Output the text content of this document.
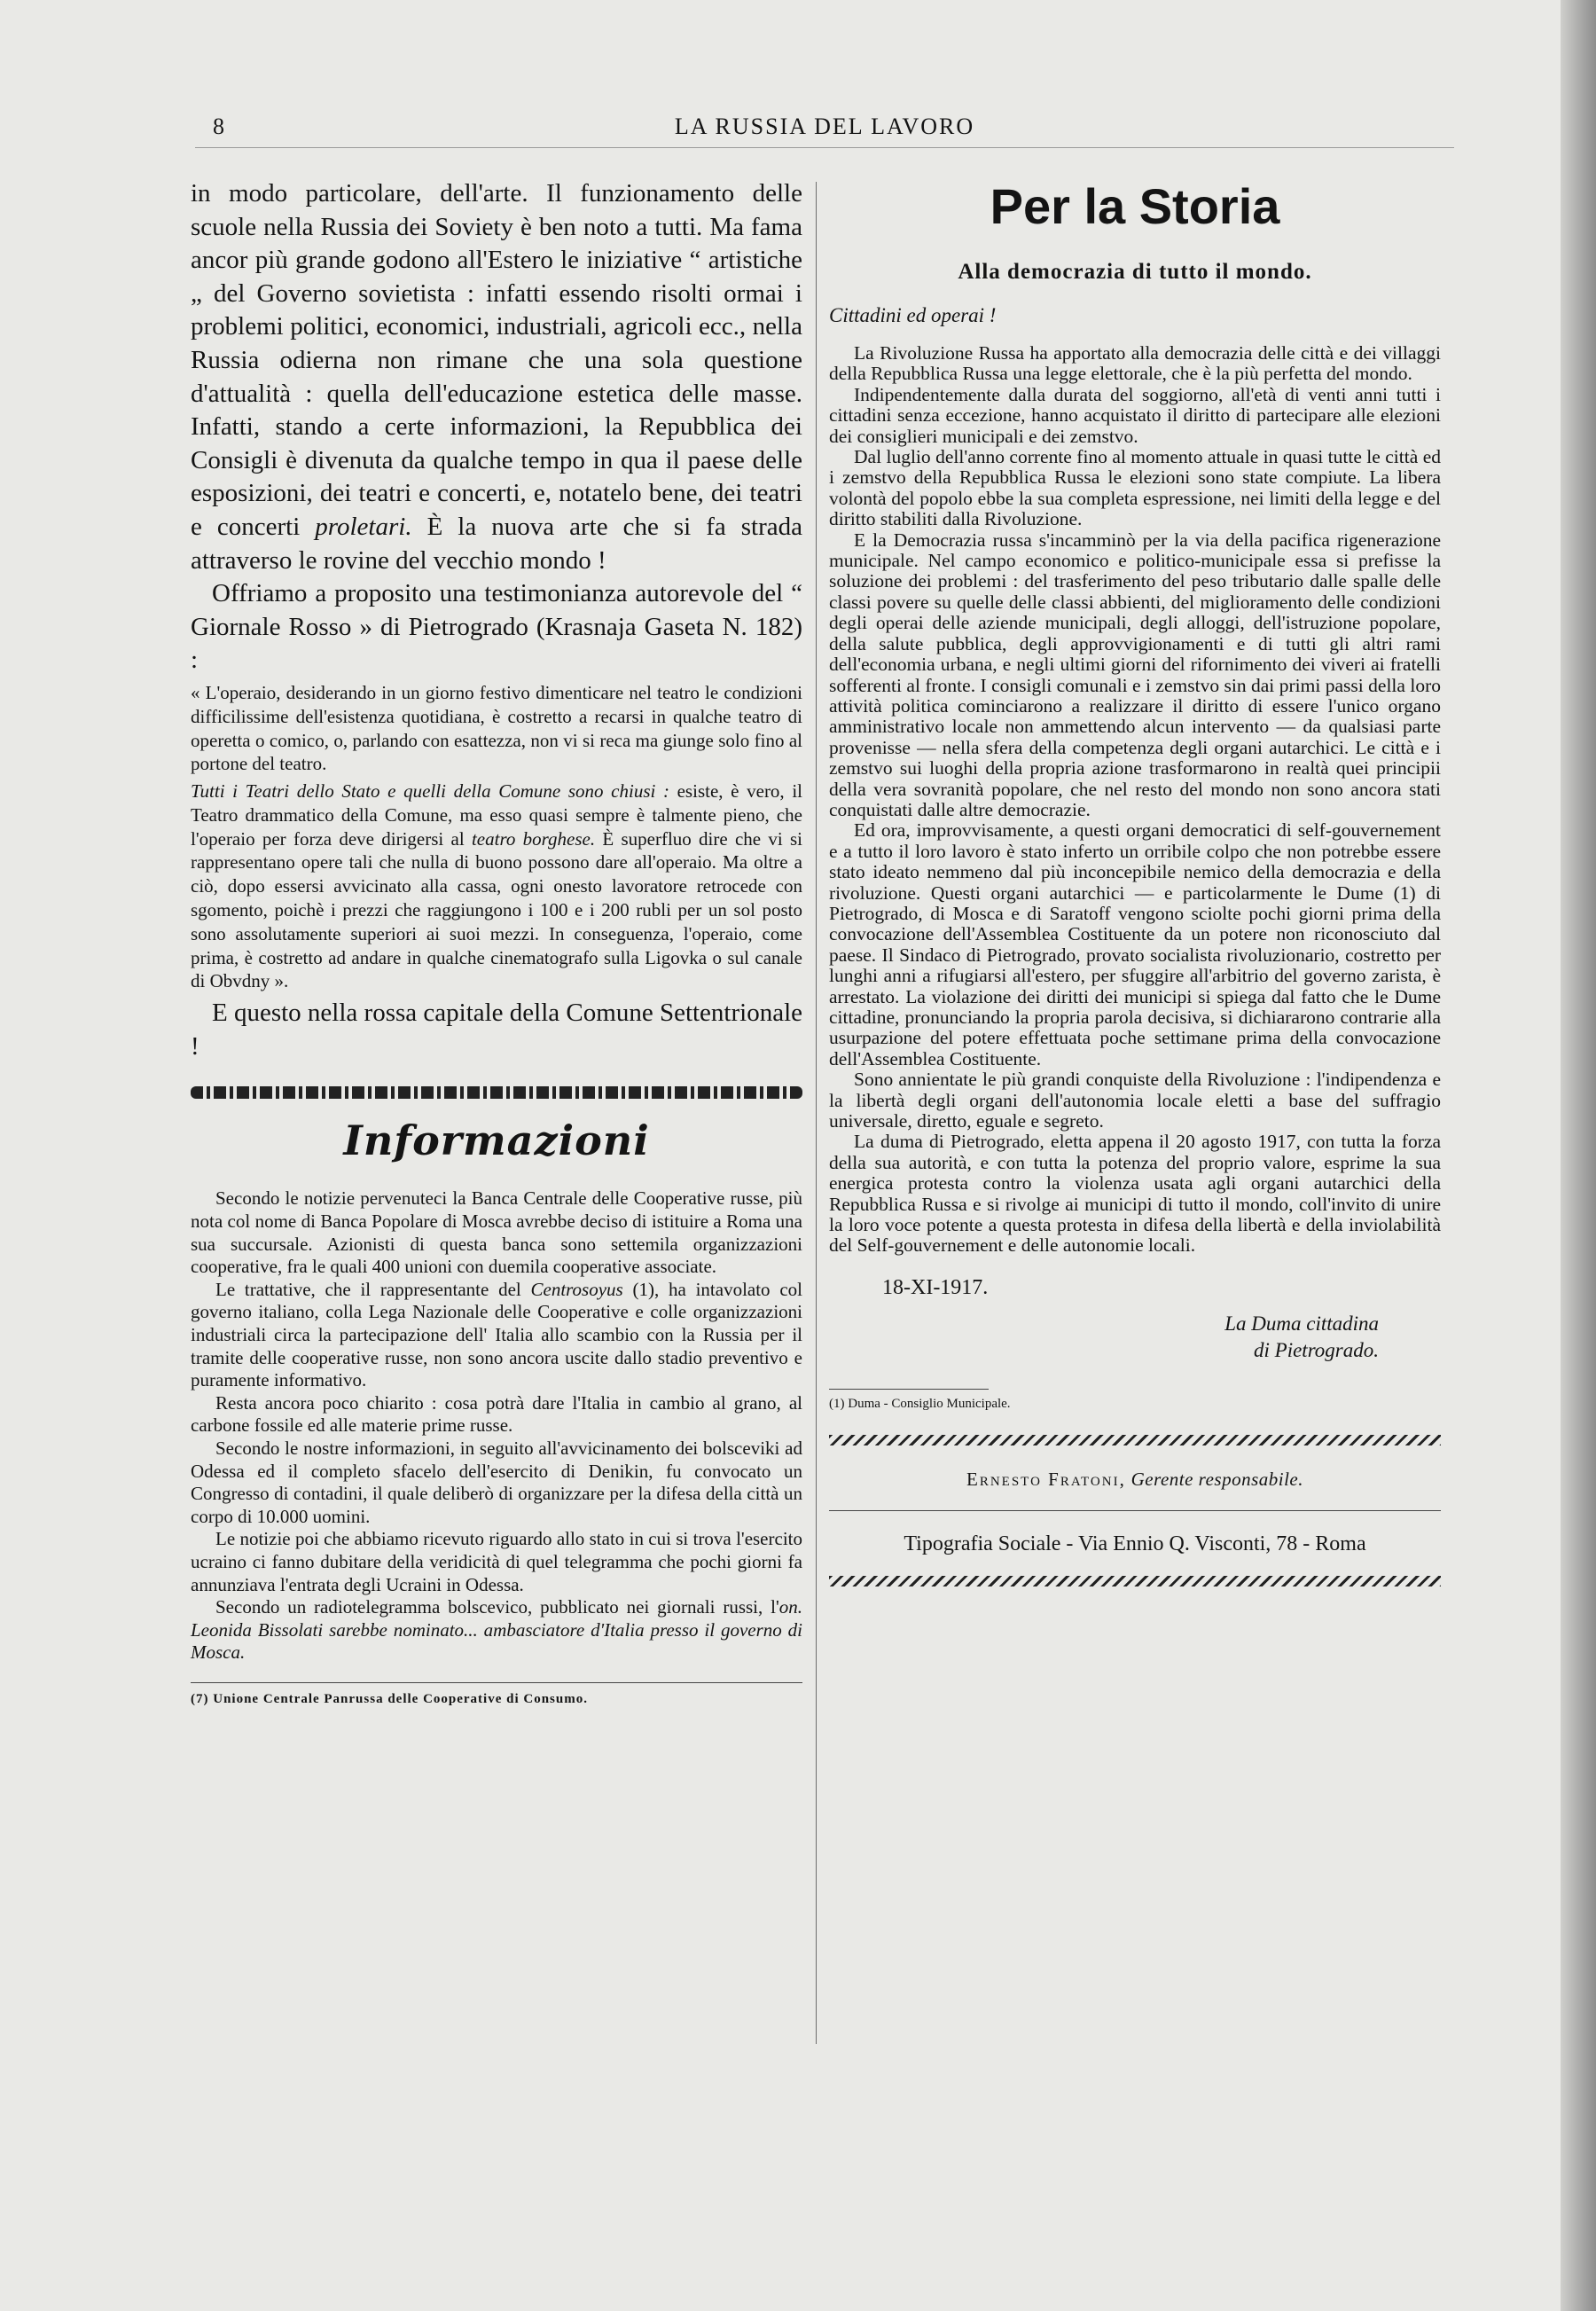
8	LA RUSSIA DEL LAVORO

in modo particolare, dell'arte. Il funzionamento delle scuole nella Russia dei Soviety è ben noto a tutti. Ma fama ancor più grande godono all'Estero le iniziative “ artistiche „ del Governo sovietista : infatti essendo risolti ormai i problemi politici, economici, industriali, agricoli ecc., nella Russia odierna non rimane che una sola questione d'attualità : quella dell'educazione estetica delle masse. Infatti, stando a certe informazioni, la Repubblica dei Consigli è divenuta da qualche tempo in qua il paese delle esposizioni, dei teatri e concerti, e, notatelo bene, dei teatri e concerti proletari. È la nuova arte che si fa strada attraverso le rovine del vecchio mondo !

Offriamo a proposito una testimonianza autorevole del “ Giornale Rosso » di Pietrogrado (Krasnaja Gaseta N. 182) :

« L'operaio, desiderando in un giorno festivo dimenticare nel teatro le condizioni difficilissime dell'esistenza quotidiana, è costretto a recarsi in qualche teatro di operetta o comico, o, parlando con esattezza, non vi si reca ma giunge solo fino al portone del teatro.

Tutti i Teatri dello Stato e quelli della Comune sono chiusi : esiste, è vero, il Teatro drammatico della Comune, ma esso quasi sempre è talmente pieno, che l'operaio per forza deve dirigersi al teatro borghese. È superfluo dire che vi si rappresentano opere tali che nulla di buono possono dare all'operaio. Ma oltre a ciò, dopo essersi avvicinato alla cassa, ogni onesto lavoratore retrocede con sgomento, poichè i prezzi che raggiungono i 100 e i 200 rubli per un sol posto sono assolutamente superiori ai suoi mezzi. In conseguenza, l'operaio, come prima, è costretto ad andare in qualche cinematografo sulla Ligovka o sul canale di Obvdny ».

E questo nella rossa capitale della Comune Settentrionale !

Informazioni

Secondo le notizie pervenuteci la Banca Centrale delle Cooperative russe, più nota col nome di Banca Popolare di Mosca avrebbe deciso di istituire a Roma una sua succursale. Azionisti di questa banca sono settemila organizzazioni cooperative, fra le quali 400 unioni con duemila cooperative associate.

Le trattative, che il rappresentante del Centrosoyus (1), ha intavolato col governo italiano, colla Lega Nazionale delle Cooperative e colle organizzazioni industriali circa la partecipazione dell' Italia allo scambio con la Russia per il tramite delle cooperative russe, non sono ancora uscite dallo stadio preventivo e puramente informativo.

Resta ancora poco chiarito : cosa potrà dare l'Italia in cambio al grano, al carbone fossile ed alle materie prime russe.

Secondo le nostre informazioni, in seguito all'avvicinamento dei bolsceviki ad Odessa ed il completo sfacelo dell'esercito di Denikin, fu convocato un Congresso di contadini, il quale deliberò di organizzare per la difesa della città un corpo di 10.000 uomini.

Le notizie poi che abbiamo ricevuto riguardo allo stato in cui si trova l'esercito ucraino ci fanno dubitare della veridicità di quel telegramma che pochi giorni fa annunziava l'entrata degli Ucraini in Odessa.

Secondo un radiotelegramma bolscevico, pubblicato nei giornali russi, l'on. Leonida Bissolati sarebbe nominato... ambasciatore d'Italia presso il governo di Mosca.

(7) Unione Centrale Panrussa delle Cooperative di Consumo.
Per la Storia
Alla democrazia di tutto il mondo.
Cittadini ed operai !

La Rivoluzione Russa ha apportato alla democrazia delle città e dei villaggi della Repubblica Russa una legge elettorale, che è la più perfetta del mondo.

Indipendentemente dalla durata del soggiorno, all'età di venti anni tutti i cittadini senza eccezione, hanno acquistato il diritto di partecipare alle elezioni dei consiglieri municipali e dei zemstvo.

Dal luglio dell'anno corrente fino al momento attuale in quasi tutte le città ed i zemstvo della Repubblica Russa le elezioni sono state compiute. La libera volontà del popolo ebbe la sua completa espressione, nei limiti della legge e del diritto stabiliti dalla Rivoluzione.

E la Democrazia russa s'incamminò per la via della pacifica rigenerazione municipale. Nel campo economico e politico-municipale essa si prefisse la soluzione dei problemi : del trasferimento del peso tributario dalle spalle delle classi povere su quelle delle classi abbienti, del miglioramento delle condizioni degli operai delle aziende municipali, degli alloggi, dell'istruzione popolare, della salute pubblica, degli approvvigionamenti e di tutti gli altri rami dell'economia urbana, e negli ultimi giorni del rifornimento dei viveri ai fratelli sofferenti al fronte. I consigli comunali e i zemstvo sin dai primi passi della loro attività politica cominciarono a realizzare il diritto di essere l'unico organo amministrativo locale non ammettendo alcun intervento — da qualsiasi parte provenisse — nella sfera della competenza degli organi autarchici. Le città e i zemstvo sui luoghi della propria azione trasformarono in realtà quei principii della vera sovranità popolare, che nel resto del mondo non sono ancora stati conquistati dalle altre democrazie.

Ed ora, improvvisamente, a questi organi democratici di self-gouvernement e a tutto il loro lavoro è stato inferto un orribile colpo che non potrebbe essere stato ideato nemmeno dal più inconcepibile nemico della democrazia e della rivoluzione. Questi organi autarchici — e particolarmente le Dume (1) di Pietrogrado, di Mosca e di Saratoff vengono sciolte pochi giorni prima della convocazione dell'Assemblea Costituente da un potere non riconosciuto dal paese. Il Sindaco di Pietrogrado, provato socialista rivoluzionario, costretto per lunghi anni a rifugiarsi all'estero, per sfuggire all'arbitrio del governo zarista, è arrestato. La violazione dei diritti dei municipi si spiega dal fatto che le Dume cittadine, pronunciando la propria parola decisiva, si dichiararono contrarie alla usurpazione del potere effettuata poche settimane prima della convocazione dell'Assemblea Costituente.

Sono annientate le più grandi conquiste della Rivoluzione : l'indipendenza e la libertà degli organi dell'autonomia locale eletti a base del suffragio universale, diretto, eguale e segreto.

La duma di Pietrogrado, eletta appena il 20 agosto 1917, con tutta la forza della sua autorità, e con tutta la potenza del proprio valore, esprime la sua energica protesta contro la violenza usata agli organi autarchici della Repubblica Russa e si rivolge ai municipi di tutto il mondo, coll'invito di unire la loro voce potente a questa protesta in difesa della libertà e della inviolabilità del Self-gouvernement e delle autonomie locali.

18-XI-1917.
La Duma cittadina
di Pietrogrado.
(1) Duma - Consiglio Municipale.
Ernesto Fratoni, Gerente responsabile.
Tipografia Sociale - Via Ennio Q. Visconti, 78 - Roma
